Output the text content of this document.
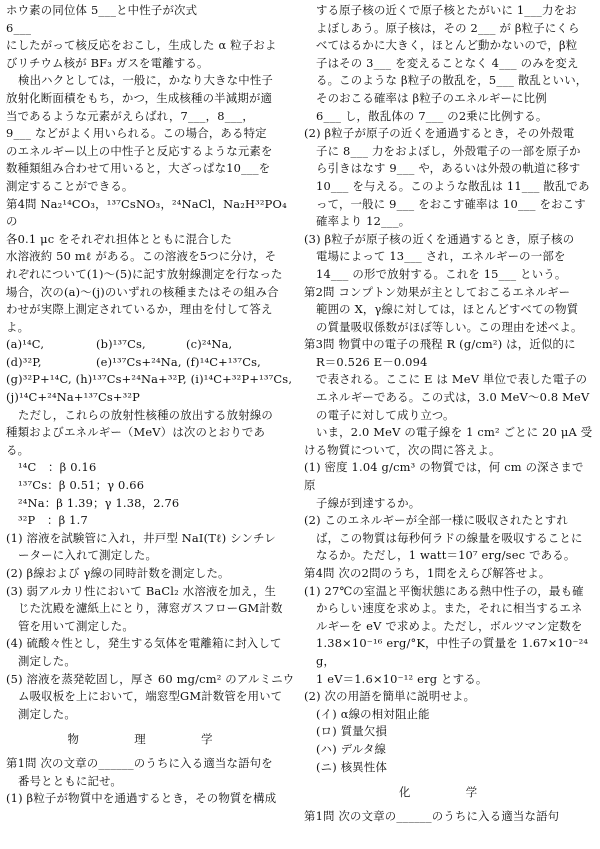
ホウ素の同位体 5___と中性子が次式

6___

にしたがって核反応をおこし，生成した α 粒子およ

びリチウム核が BF₃ ガスを電離する。

検出ハクとしては，一般に，かなり大きな中性子

放射化断面積をもち，かつ，生成核種の半減期が適

当であるような元素がえらばれ，7___，8___，

9___ などがよく用いられる。この場合，ある特定

のエネルギー以上の中性子と反応するような元素を

数種類組み合わせて用いると，大ざっぱな10___を

測定することができる。

第4問 Na₂¹⁴CO₃，¹³⁷CsNO₃，²⁴NaCl，Na₂H³²PO₄の

各0.1 μc をそれぞれ担体とともに混合した

水溶液約 50 mℓ がある。この溶液を5つに分け，そ

れぞれについて(1)～(5)に記す放射線測定を行なった

場合，次の(a)～(j)のいずれの核種またはその組み合

わせが実際上測定されているか，理由を付して答え

よ。

(a)¹⁴C,	(b)¹³⁷Cs,	(c)²⁴Na,
(d)³²P,	(e)¹³⁷Cs+²⁴Na, (f)¹⁴C+¹³⁷Cs,

(g)³²P+¹⁴C, (h)¹³⁷Cs+²⁴Na+³²P, (i)¹⁴C+³²P+¹³⁷Cs,

(j)¹⁴C+²⁴Na+¹³⁷Cs+³²P

ただし，これらの放射性核種の放出する放射線の

種類およびエネルギー（MeV）は次のとおりであ

る。

¹⁴C　：β 0.16

¹³⁷Cs：β 0.51；γ 0.66

²⁴Na：β 1.39；γ 1.38，2.76

³²P　：β 1.7

(1) 溶液を試験管に入れ，井戸型 NaI(Tℓ) シンチレ

ーターに入れて測定した。

(2) β線および γ線の同時計数を測定した。

(3) 弱アルカリ性において BaCl₂ 水溶液を加え，生

じた沈殿を濾紙上にとり，薄窓ガスフローGM計数

管を用いて測定した。

(4) 硫酸々性とし，発生する気体を電離箱に封入して

測定した。

(5) 溶液を蒸発乾固し，厚さ 60 mg/cm² のアルミニウ

ム吸収板を上において，端窓型GM計数管を用いて

測定した。

物　理　学

第1問 次の文章の______のうちに入る適当な語句を

番号とともに記せ。

(1) β粒子が物質中を通過するとき，その物質を構成

する原子核の近くで原子核とたがいに 1___力をお

よぼしあう。原子核は，その 2___ が β粒子にくら

べてはるかに大きく，ほとんど動かないので，β粒

子はその 3___ を変えることなく 4___ のみを変え

る。このような β粒子の散乱を，5___ 散乱といい，

そのおこる確率は β粒子のエネルギーに比例

6___ し，散乱体の 7___ の2乗に比例する。

(2) β粒子が原子の近くを通過するとき，その外殻電

子に 8___ 力をおよぼし，外殻電子の一部を原子か

ら引きはなす 9___ や，あるいは外殻の軌道に移す

10___ を与える。このような散乱は 11___ 散乱であ

って，一般に 9___ をおこす確率は 10___ をおこす

確率より 12___。

(3) β粒子が原子核の近くを通過するとき，原子核の

電場によって 13___ され，エネルギーの一部を

14___ の形で放射する。これを 15___ という。

第2問 コンプトン効果が主としておこるエネルギー

範囲の X，γ線に対しては，ほとんどすべての物質

の質量吸収係数がほぼ等しい。この理由を述べよ。

第3問 物質中の電子の飛程 R (g/cm²) は，近似的に

R＝0.526 E－0.094

で表される。ここに E は MeV 単位で表した電子の

エネルギーである。この式は，3.0 MeV～0.8 MeV

の電子に対して成り立つ。

いま，2.0 MeV の電子線を 1 cm² ごとに 20 μA 受

ける物質について，次の問に答えよ。

(1) 密度 1.04 g/cm³ の物質では，何 cm の深さまで原

子線が到達するか。

(2) このエネルギーが全部一様に吸収されたとすれ

ば，この物質は毎秒何ラドの線量を吸収することに

なるか。ただし，1 watt＝10⁷ erg/sec である。

第4問 次の2問のうち，1問をえらび解答せよ。

(1) 27℃の室温と平衡状態にある熱中性子の，最も確

からしい速度を求めよ。また，それに相当するエネ

ルギーを eV で求めよ。ただし，ボルツマン定数を

1.38×10⁻¹⁶ erg/°K，中性子の質量を 1.67×10⁻²⁴ g，

1 eV＝1.6×10⁻¹² erg とする。

(2) 次の用語を簡単に説明せよ。

(イ) α線の相対阻止能

(ロ) 質量欠損

(ハ) デルタ線

(ニ) 核異性体

化　学

第1問 次の文章の______のうちに入る適当な語句
